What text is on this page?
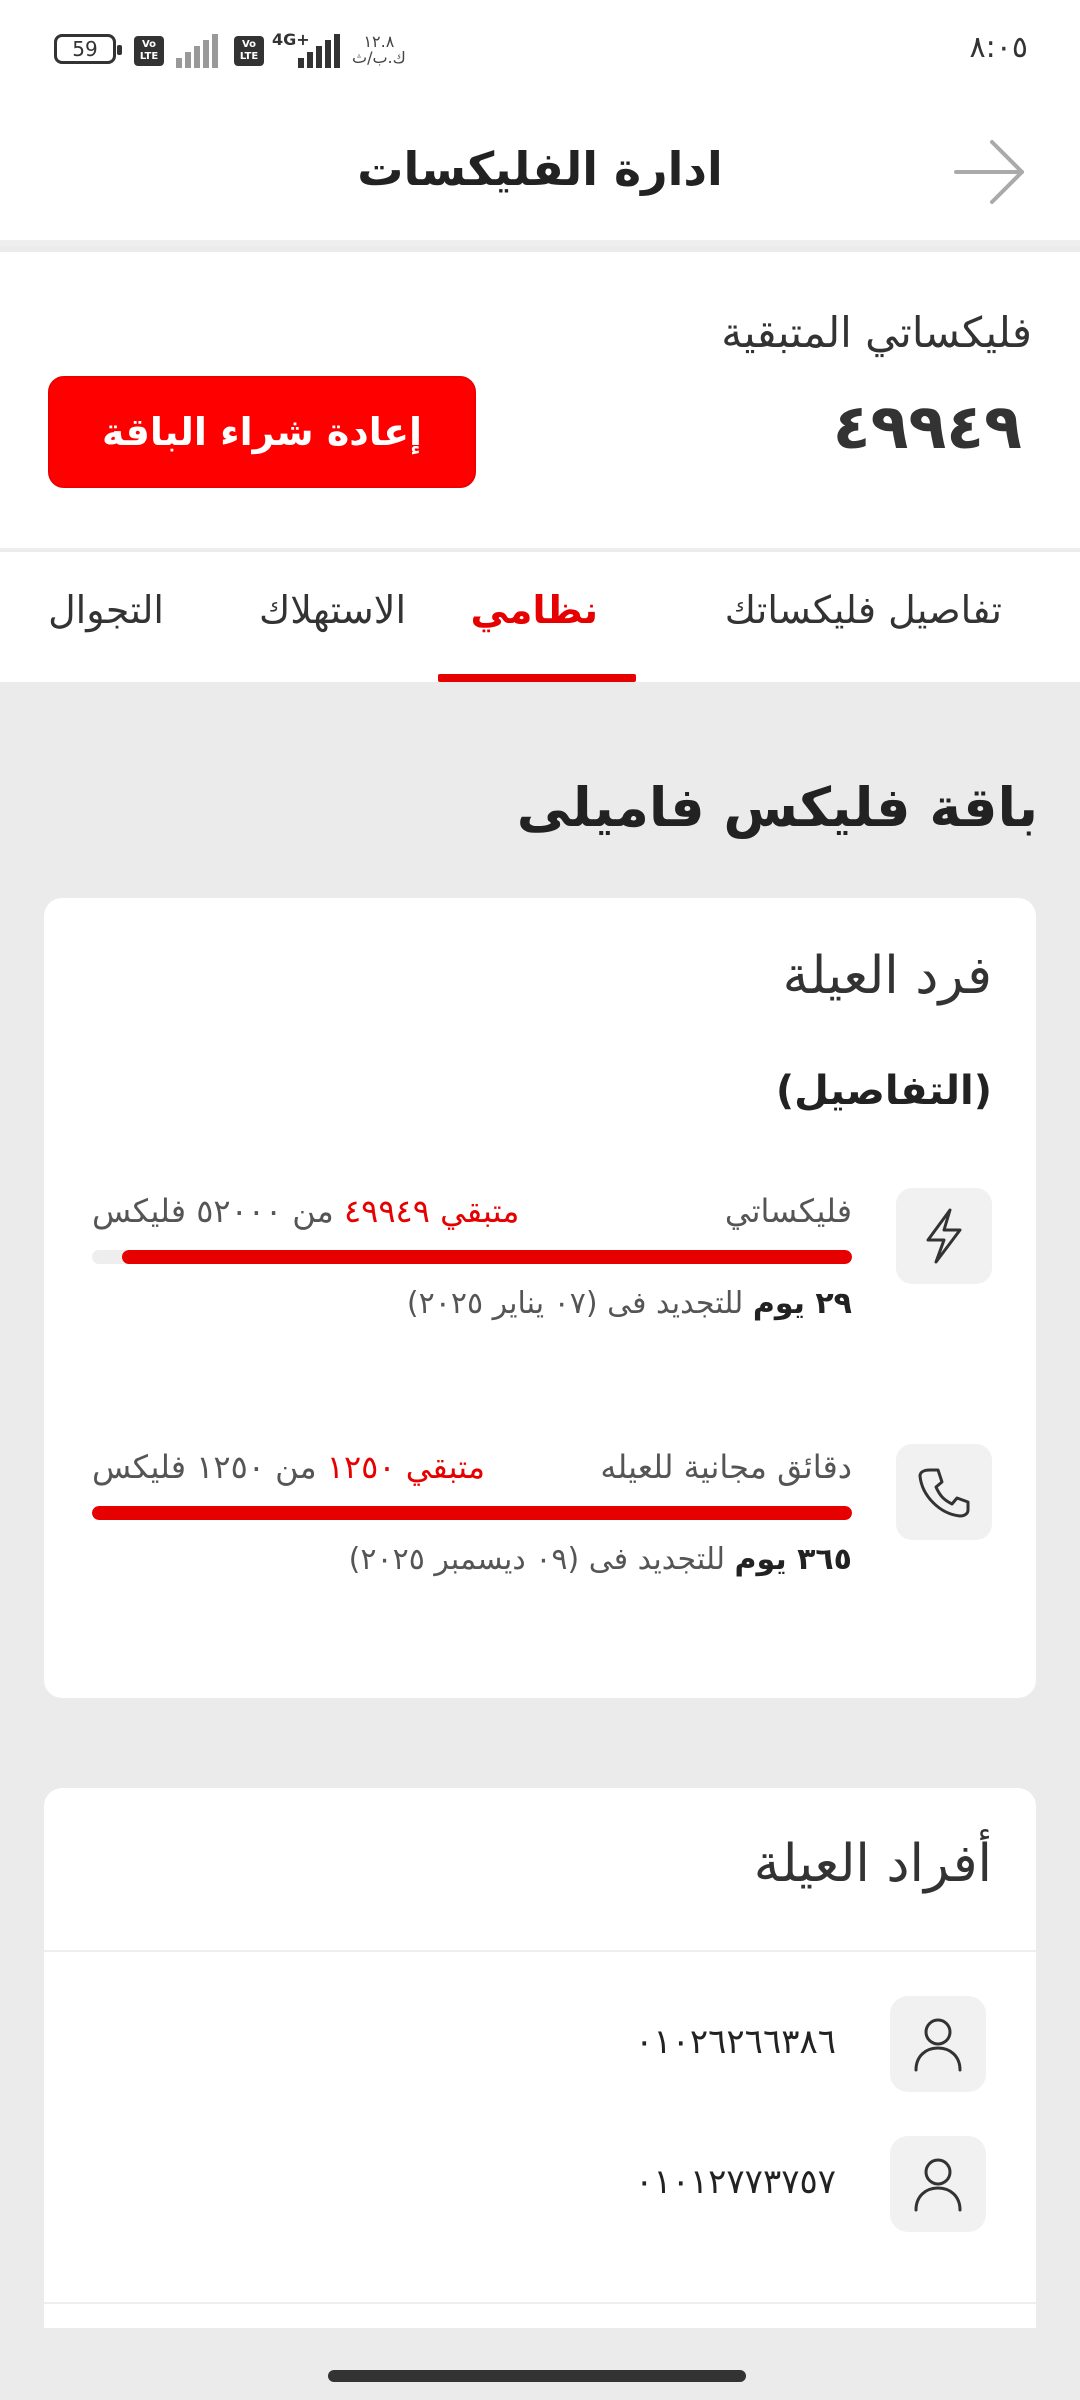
59	Vo
LTE
Vo
LTE
4G+	١٢.٨
ك.ب/ث	٨:٠٥
ادارة الفليكسات
فليكساتي المتبقية
٤٩٩٤٩
إعادة شراء الباقة
تفاصيل فليكساتك
نظامي
الاستهلاك
التجوال
باقة فليكس فاميلى
فرد العيلة
(التفاصيل)
فليكساتي
متبقي ٤٩٩٤٩ من ٥٢٠٠٠ فليكس
٢٩ يوم للتجديد فى (٠٧ يناير ٢٠٢٥)
دقائق مجانية للعيله
متبقي ١٢٥٠ من ١٢٥٠ فليكس
٣٦٥ يوم للتجديد فى (٠٩ ديسمبر ٢٠٢٥)
أفراد العيلة
٠١٠٢٦٢٦٦٣٨٦
٠١٠١٢٧٧٣٧٥٧
